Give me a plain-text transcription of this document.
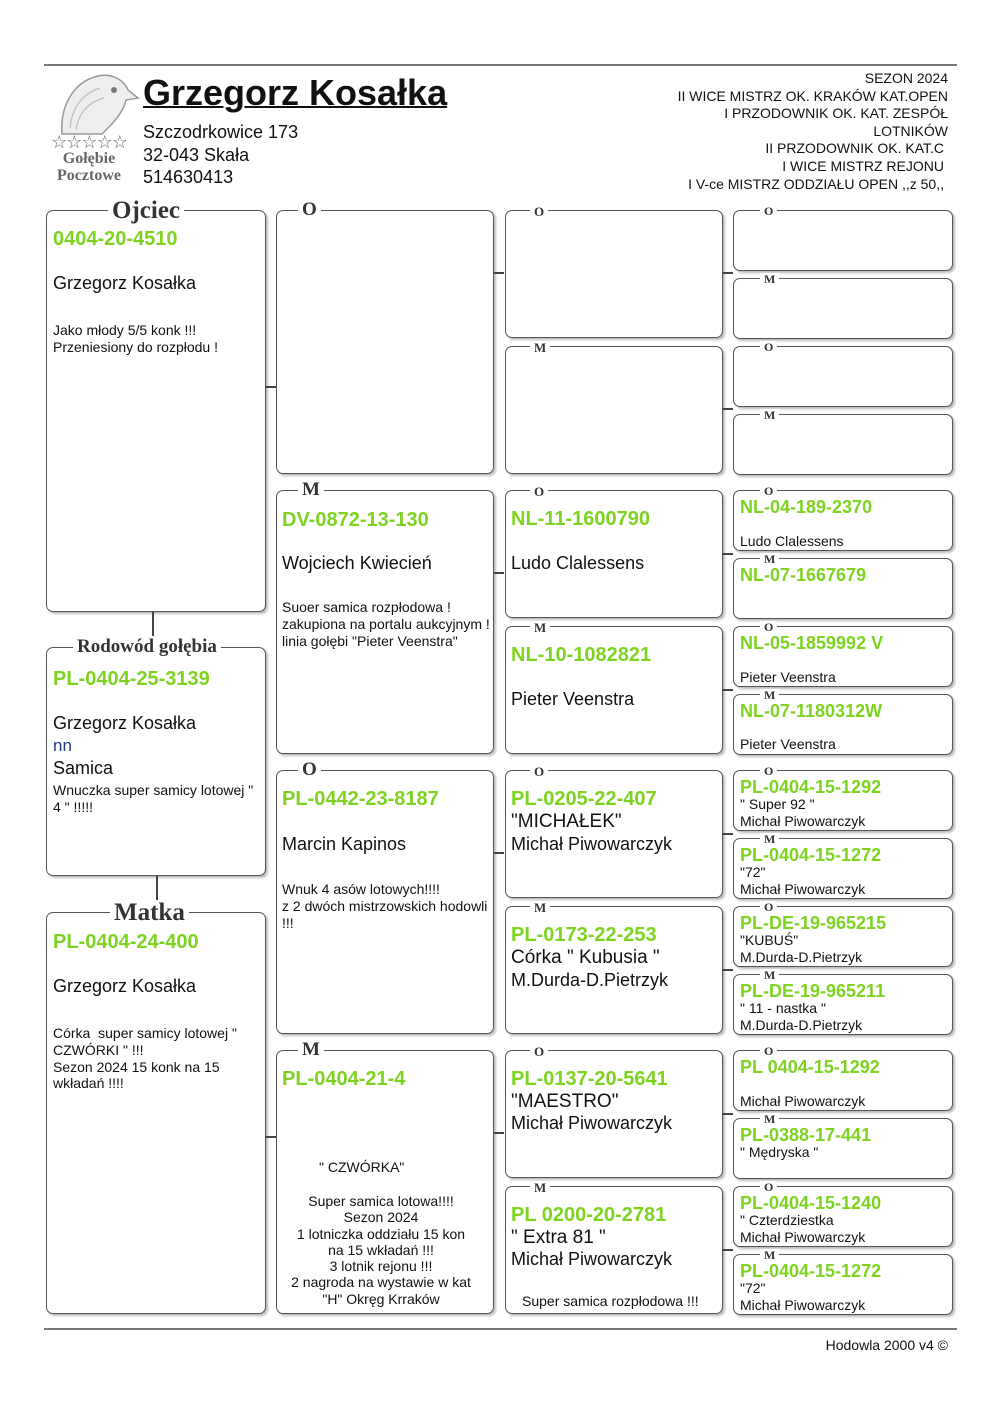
☆☆☆☆☆
Gołębie
Pocztowe
Grzegorz Kosałka
Szczodrkowice 173
32-043 Skała
514630413
SEZON 2024
II WICE MISTRZ OK. KRAKÓW KAT.OPEN
I PRZODOWNIK OK. KAT. ZESPÓŁ
LOTNIKÓW
II PRZODOWNIK OK. KAT.C
I WICE MISTRZ REJONU
I V-ce MISTRZ ODDZIAŁU OPEN ,,z 50,,
Ojciec
0404-20-4510
Grzegorz Kosałka
Jako młody 5/5 konk !!!
Przeniesiony do rozpłodu !
Rodowód gołębia
PL-0404-25-3139
Grzegorz Kosałka
nn
Samica
Wnuczka super samicy lotowej " 4 " !!!!!
Matka
PL-0404-24-400
Grzegorz Kosałka
Córka  super samicy lotowej " CZWÓRKI " !!!
Sezon 2024 15 konk na 15 wkładań !!!!
O
M
DV-0872-13-130
Wojciech Kwiecień
Suoer samica rozpłodowa ! zakupiona na portalu aukcyjnym ! linia gołębi "Pieter Veenstra"
O
PL-0442-23-8187
Marcin Kapinos
Wnuk 4 asów lotowych!!!!
z 2 dwóch mistrzowskich hodowli !!!
M
PL-0404-21-4
" CZWÓRKA"
Super samica lotowa!!!!
Sezon 2024
1 lotniczka oddziału 15 kon
na 15 wkładań !!!
3 lotnik rejonu !!!
2 nagroda na wystawie w kat
"H" Okręg Krraków
O
M
O
NL-11-1600790
Ludo Clalessens
M
NL-10-1082821
Pieter Veenstra
O
PL-0205-22-407
"MICHAŁEK"
Michał Piwowarczyk
M
PL-0173-22-253
Córka " Kubusia "
M.Durda-D.Pietrzyk
O
PL-0137-20-5641
"MAESTRO"
Michał Piwowarczyk
M
PL 0200-20-2781
" Extra 81 "
Michał Piwowarczyk
Super samica rozpłodowa !!!
O
M
O
M
O
NL-04-189-2370
Ludo Clalessens
M
NL-07-1667679
O
NL-05-1859992 V
Pieter Veenstra
M
NL-07-1180312W
Pieter Veenstra
O
PL-0404-15-1292
" Super 92 "
Michał Piwowarczyk
M
PL-0404-15-1272
"72"
Michał Piwowarczyk
O
PL-DE-19-965215
"KUBUŚ"
M.Durda-D.Pietrzyk
M
PL-DE-19-965211
" 11 - nastka "
M.Durda-D.Pietrzyk
O
PL 0404-15-1292
Michał Piwowarczyk
M
PL-0388-17-441
" Mędryska "
O
PL-0404-15-1240
" Czterdziestka
Michał Piwowarczyk
M
PL-0404-15-1272
"72"
Michał Piwowarczyk
Hodowla 2000 v4 ©
